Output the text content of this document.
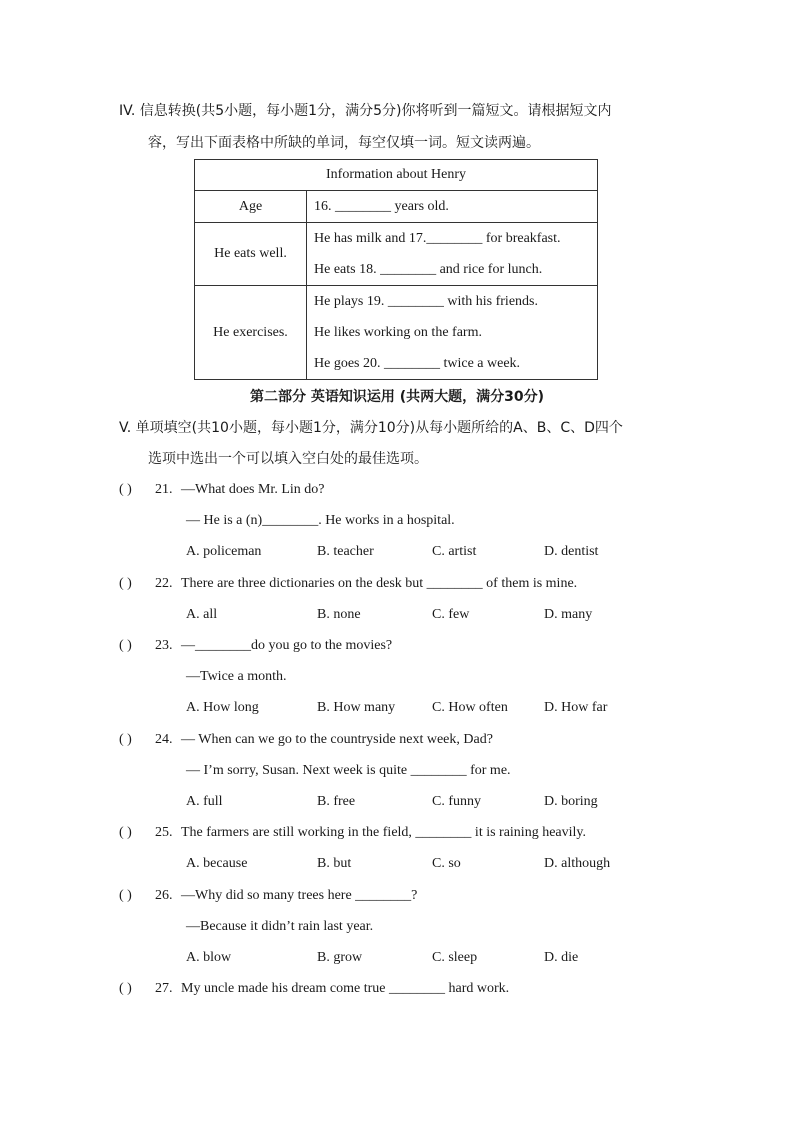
IV. 信息转换(共5小题，每小题1分，满分5分)你将听到一篇短文。请根据短文内
容，写出下面表格中所缺的单词，每空仅填一词。短文读两遍。
Information about Henry	
Age	16. ________ years old.

He eats well.	He has milk and 17.________ for breakfast.
He eats 18. ________ and rice for lunch.

He exercises.	He plays 19. ________ with his friends.
He likes working on the farm.
He goes 20. ________ twice a week.
第二部分 英语知识运用 (共两大题，满分30分)
V. 单项填空(共10小题，每小题1分，满分10分)从每小题所给的A、B、C、D四个
选项中选出一个可以填入空白处的最佳选项。
( ) 21. —What does Mr. Lin do?
— He is a (n)________. He works in a hospital.
A. policeman	B. teacher	C. artist	D. dentist
( ) 22. There are three dictionaries on the desk but ________ of them is mine.
A. all	B. none	C. few	D. many
( ) 23. —________do you go to the movies?
—Twice a month.
A. How long	B. How many	C. How often	D. How far
( ) 24. — When can we go to the countryside next week, Dad?
— I’m sorry, Susan. Next week is quite ________ for me.
A. full	B. free	C. funny	D. boring
( ) 25. The farmers are still working in the field, ________ it is raining heavily.
A. because	B. but	C. so	D. although
( ) 26. —Why did so many trees here ________?
—Because it didn’t rain last year.
A. blow	B. grow	C. sleep	D. die
( ) 27. My uncle made his dream come true ________ hard work.
